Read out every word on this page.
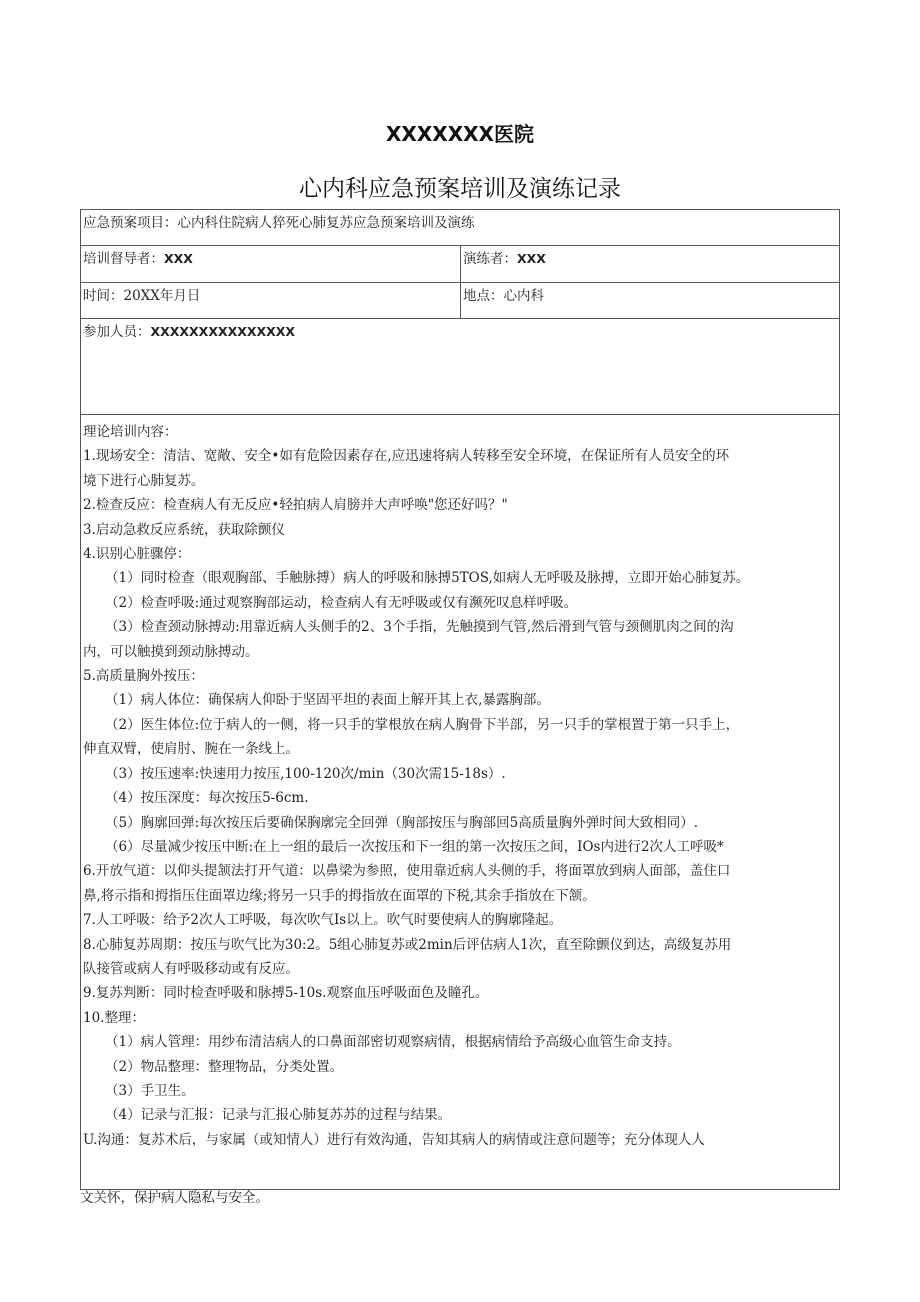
XXXXXXX医院
心内科应急预案培训及演练记录
应急预案项目：心内科住院病人猝死心肺复苏应急预案培训及演练
培训督导者：XXX	演练者：XXX
时间：20XX年月日	地点：心内科
参加人员：XXXXXXXXXXXXXXX
理论培训内容：
1.现场安全：清洁、宽敞、安全•如有危险因素存在,应迅速将病人转移至安全环境，在保证所有人员安全的环
境下进行心肺复苏。
2.检查反应：检查病人有无反应•轻拍病人肩膀并大声呼唤"您还好吗？"
3.启动急救反应系统，获取除颤仪
4.识别心脏骤停：
（1）同时检查（眼观胸部、手触脉搏）病人的呼吸和脉搏5TOS,如病人无呼吸及脉搏，立即开始心肺复苏。
（2）检查呼吸:通过观察胸部运动，检查病人有无呼吸或仅有濒死叹息样呼吸。
（3）检查颈动脉搏动:用靠近病人头侧手的2、3个手指，先触摸到气管,然后滑到气管与颈侧肌肉之间的沟
内，可以触摸到颈动脉搏动。
5.高质量胸外按压：
（1）病人体位：确保病人仰卧于坚固平坦的表面上解开其上衣,暴露胸部。
（2）医生体位:位于病人的一侧，将一只手的掌根放在病人胸骨下半部，另一只手的掌根置于第一只手上，
伸直双臂，使肩肘、腕在一条线上。
（3）按压速率:快速用力按压,100-120次/min（30次需15-18s）.
（4）按压深度：每次按压5-6cm.
（5）胸廓回弹:每次按压后要确保胸廓完全回弹（胸部按压与胸部回5高质量胸外弹时间大致相同）.
（6）尽量减少按压中断:在上一组的最后一次按压和下一组的第一次按压之间，IOs内进行2次人工呼吸*
6.开放气道：以仰头提颔法打开气道：以鼻梁为参照，使用靠近病人头侧的手，将面罩放到病人面部，盖住口
鼻,将示指和拇指压住面罩边缘;将另一只手的拇指放在面罩的下税,其余手指放在下颔。
7.人工呼吸：给予2次人工呼吸，每次吹气Is以上。吹气时要使病人的胸廓隆起。
8.心肺复苏周期：按压与吹气比为30:2。5组心肺复苏或2min后评估病人1次，直至除颤仪到达，高级复苏用
队接管或病人有呼吸移动或有反应。
9.复苏判断：同时检查呼吸和脉搏5-10s.观察血压呼吸面色及瞳孔。
10.整理：
（1）病人管理：用纱布清洁病人的口鼻面部密切观察病情，根据病情给予高级心血管生命支持。
（2）物品整理：整理物品，分类处置。
（3）手卫生。
（4）记录与汇报：记录与汇报心肺复苏苏的过程与结果。
U.沟通：复苏术后，与家属（或知情人）进行有效沟通，告知其病人的病情或注意问题等；充分体现人人
文关怀，保护病人隐私与安全。
